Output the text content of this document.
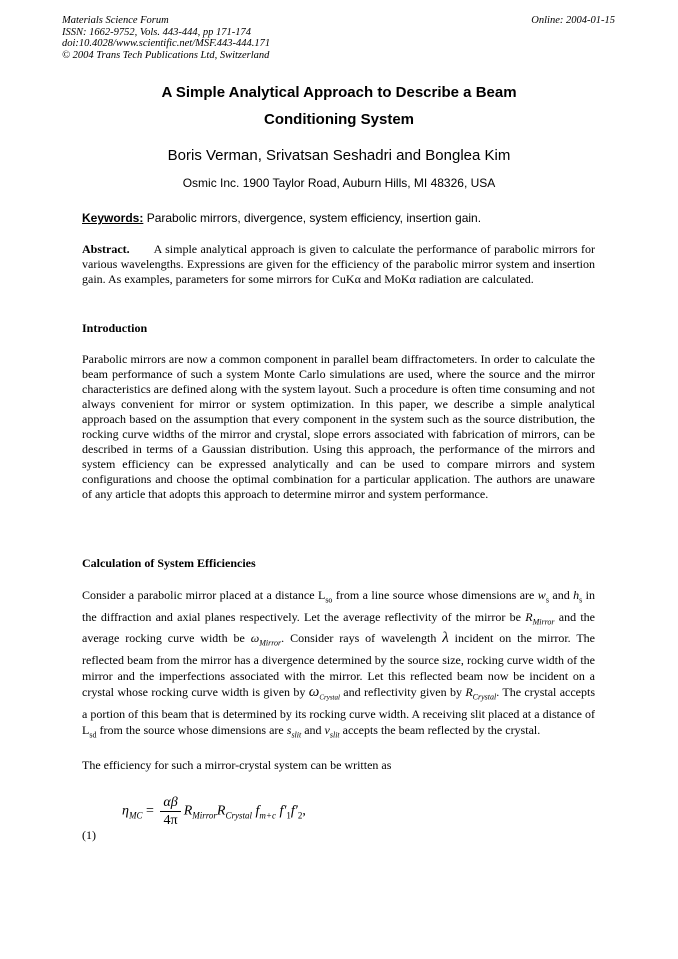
Materials Science Forum
ISSN: 1662-9752, Vols. 443-444, pp 171-174
doi:10.4028/www.scientific.net/MSF.443-444.171
© 2004 Trans Tech Publications Ltd, Switzerland
Online: 2004-01-15
A Simple Analytical Approach to Describe a Beam
Conditioning System
Boris Verman, Srivatsan Seshadri and Bonglea Kim
Osmic Inc. 1900 Taylor Road, Auburn Hills, MI 48326, USA
Keywords: Parabolic mirrors, divergence, system efficiency, insertion gain.

Abstract.   A simple analytical approach is given to calculate the performance of parabolic mirrors for various wavelengths. Expressions are given for the efficiency of the parabolic mirror system and insertion gain. As examples, parameters for some mirrors for CuKα and MoKα radiation are calculated.

Introduction

Parabolic mirrors are now a common component in parallel beam diffractometers. In order to calculate the beam performance of such a system Monte Carlo simulations are used, where the source and the mirror characteristics are defined along with the system layout. Such a procedure is often time consuming and not always convenient for mirror or system optimization. In this paper, we describe a simple analytical approach based on the assumption that every component in the system such as the source distribution, the rocking curve widths of the mirror and crystal, slope errors associated with fabrication of mirrors, can be described in terms of a Gaussian distribution. Using this approach, the performance of the mirrors and system efficiency can be expressed analytically and can be used to compare mirrors and system configurations and choose the optimal combination for a particular application. The authors are unaware of any article that adopts this approach to determine mirror and system performance.

Calculation of System Efficiencies

Consider a parabolic mirror placed at a distance $L_{so}$ from a line source whose dimensions are $w_s$ and $h_s$ in the diffraction and axial planes respectively. Let the average reflectivity of the mirror be $R_{Mirror}$ and the average rocking curve width be $\omega_{Mirror}$. Consider rays of wavelength λ incident on the mirror. The reflected beam from the mirror has a divergence determined by the source size, rocking curve width of the mirror and the imperfections associated with the mirror. Let this reflected beam now be incident on a crystal whose rocking curve width is given by $\omega_{Crystal}$ and reflectivity given by $R_{Crystal}$. The crystal accepts a portion of this beam that is determined by its rocking curve width. A receiving slit placed at a distance of $L_{sd}$ from the source whose dimensions are $s_{slit}$ and $v_{slit}$ accepts the beam reflected by the crystal.

The efficiency for such a mirror-crystal system can be written as

$\eta_{MC} = \frac{\alpha\beta}{4\pi} R_{Mirror}R_{Crystal}$ $f_{m+c}$ $f'_1f'_2$,
(1)
